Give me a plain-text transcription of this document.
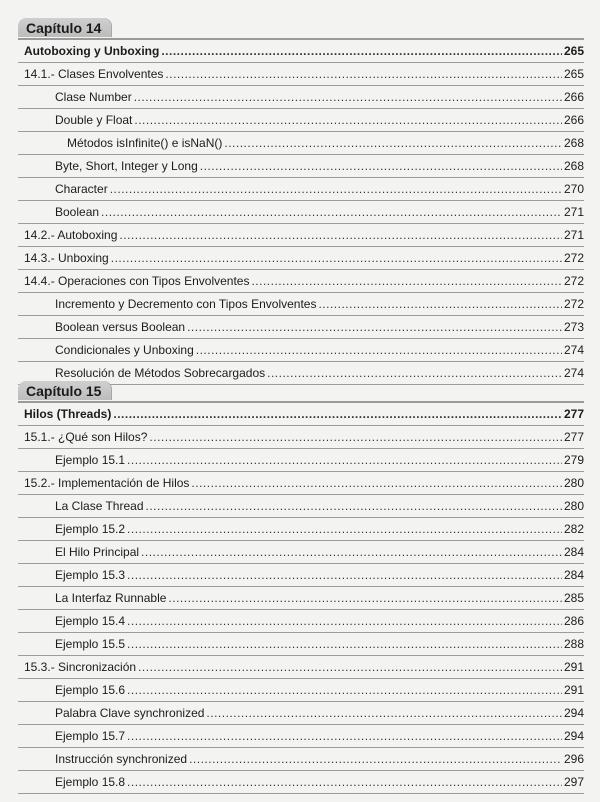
Capítulo 14
Autoboxing y Unboxing .....	265
14.1.- Clases Envolventes .....	265
Clase Number .....	266
Double y Float .....	266
Métodos isInfinite() e isNaN() .....	268
Byte, Short, Integer y Long .....	268
Character .....	270
Boolean .....	271
14.2.- Autoboxing .....	271
14.3.- Unboxing .....	272
14.4.- Operaciones con Tipos Envolventes .....	272
Incremento y Decremento con Tipos Envolventes .....	272
Boolean versus Boolean .....	273
Condicionales y Unboxing .....	274
Resolución de Métodos Sobrecargados .....	274
Capítulo 15
Hilos (Threads) .....	277
15.1.- ¿Qué son Hilos? .....	277
Ejemplo 15.1 .....	279
15.2.- Implementación de Hilos .....	280
La Clase Thread .....	280
Ejemplo 15.2 .....	282
El Hilo Principal .....	284
Ejemplo 15.3 .....	284
La Interfaz Runnable .....	285
Ejemplo 15.4 .....	286
Ejemplo 15.5 .....	288
15.3.- Sincronización .....	291
Ejemplo 15.6 .....	291
Palabra Clave synchronized .....	294
Ejemplo 15.7 .....	294
Instrucción synchronized .....	296
Ejemplo 15.8 .....	297
